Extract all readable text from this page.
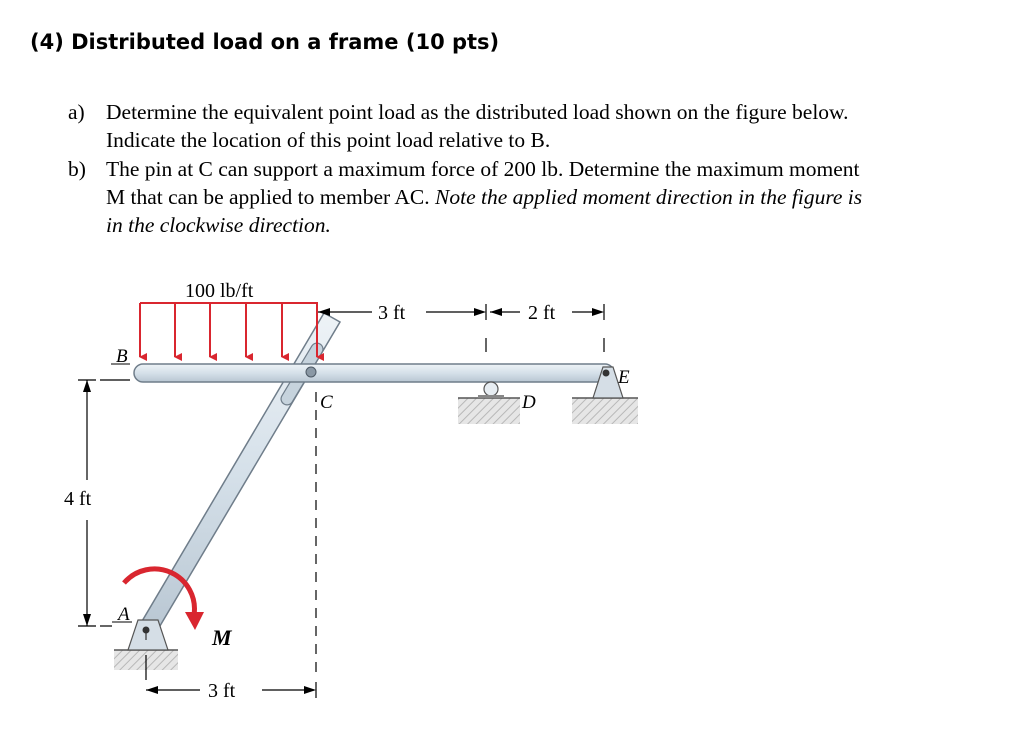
(4) Distributed load on a frame (10 pts)
a) Determine the equivalent point load as the distributed load shown on the figure below.
Indicate the location of this point load relative to B.
b) The pin at C can support a maximum force of 200 lb. Determine the maximum moment
M that can be applied to member AC. Note the applied moment direction in the figure is
in the clockwise direction.
100 lb/ft
3 ft	2 ft
4 ft
3 ft
M
B
C	D
E
A
